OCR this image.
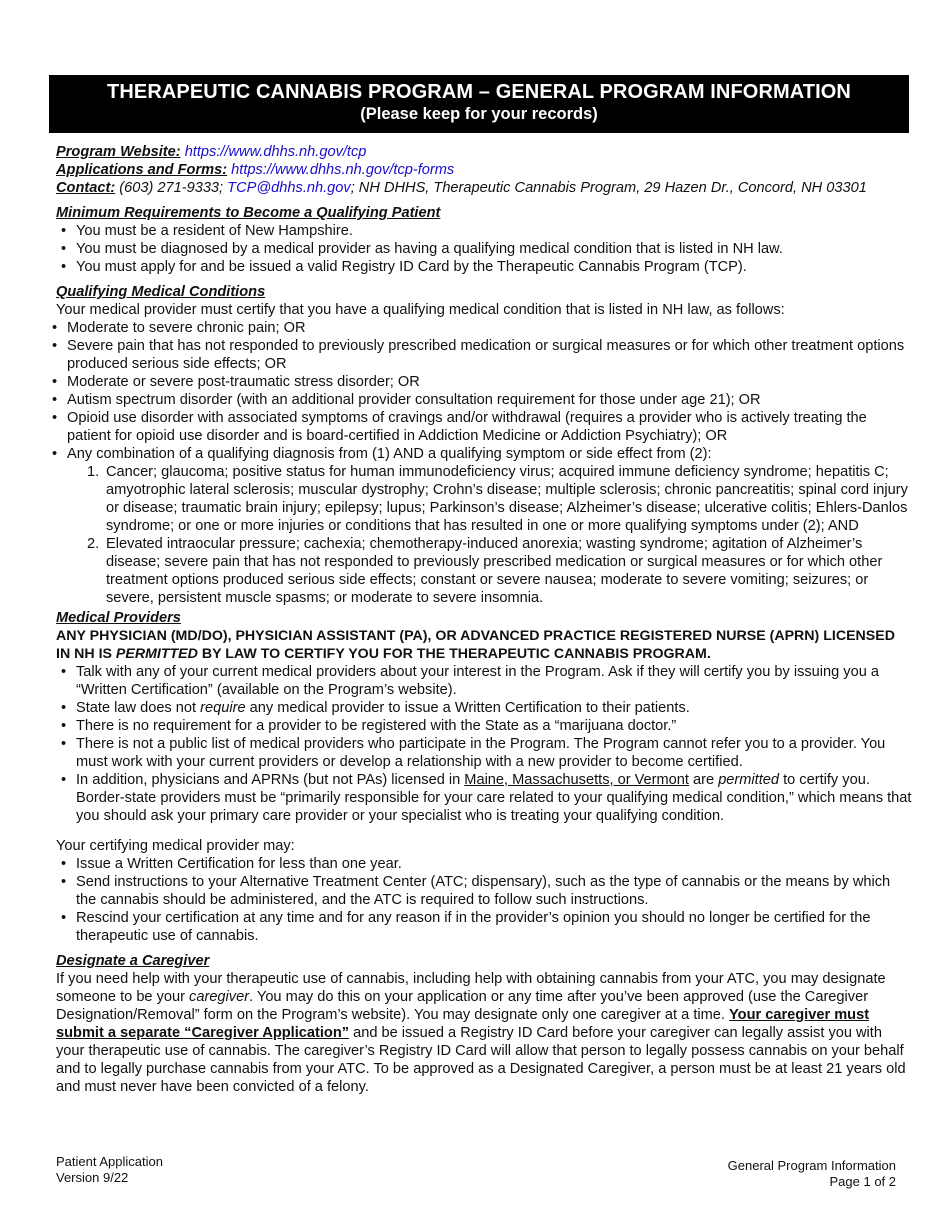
THERAPEUTIC CANNABIS PROGRAM – GENERAL PROGRAM INFORMATION
(Please keep for your records)
Program Website: https://www.dhhs.nh.gov/tcp
Applications and Forms: https://www.dhhs.nh.gov/tcp-forms
Contact: (603) 271-9333; TCP@dhhs.nh.gov; NH DHHS, Therapeutic Cannabis Program, 29 Hazen Dr., Concord, NH 03301
Minimum Requirements to Become a Qualifying Patient
• You must be a resident of New Hampshire.
• You must be diagnosed by a medical provider as having a qualifying medical condition that is listed in NH law.
• You must apply for and be issued a valid Registry ID Card by the Therapeutic Cannabis Program (TCP).
Qualifying Medical Conditions
Your medical provider must certify that you have a qualifying medical condition that is listed in NH law, as follows:
• Moderate to severe chronic pain; OR
• Severe pain that has not responded to previously prescribed medication or surgical measures or for which other treatment options produced serious side effects; OR
• Moderate or severe post-traumatic stress disorder; OR
• Autism spectrum disorder (with an additional provider consultation requirement for those under age 21); OR
• Opioid use disorder with associated symptoms of cravings and/or withdrawal (requires a provider who is actively treating the patient for opioid use disorder and is board-certified in Addiction Medicine or Addiction Psychiatry); OR
• Any combination of a qualifying diagnosis from (1) AND a qualifying symptom or side effect from (2):
1. Cancer; glaucoma; positive status for human immunodeficiency virus; acquired immune deficiency syndrome; hepatitis C; amyotrophic lateral sclerosis; muscular dystrophy; Crohn’s disease; multiple sclerosis; chronic pancreatitis; spinal cord injury or disease; traumatic brain injury; epilepsy; lupus; Parkinson’s disease; Alzheimer’s disease; ulcerative colitis; Ehlers-Danlos syndrome; or one or more injuries or conditions that has resulted in one or more qualifying symptoms under (2); AND
2. Elevated intraocular pressure; cachexia; chemotherapy-induced anorexia; wasting syndrome; agitation of Alzheimer’s disease; severe pain that has not responded to previously prescribed medication or surgical measures or for which other treatment options produced serious side effects; constant or severe nausea; moderate to severe vomiting; seizures; or severe, persistent muscle spasms; or moderate to severe insomnia.
Medical Providers
ANY PHYSICIAN (MD/DO), PHYSICIAN ASSISTANT (PA), OR ADVANCED PRACTICE REGISTERED NURSE (APRN) LICENSED IN NH IS PERMITTED BY LAW TO CERTIFY YOU FOR THE THERAPEUTIC CANNABIS PROGRAM.
• Talk with any of your current medical providers about your interest in the Program. Ask if they will certify you by issuing you a “Written Certification” (available on the Program’s website).
• State law does not require any medical provider to issue a Written Certification to their patients.
• There is no requirement for a provider to be registered with the State as a “marijuana doctor.”
• There is not a public list of medical providers who participate in the Program. The Program cannot refer you to a provider. You must work with your current providers or develop a relationship with a new provider to become certified.
• In addition, physicians and APRNs (but not PAs) licensed in Maine, Massachusetts, or Vermont are permitted to certify you. Border-state providers must be “primarily responsible for your care related to your qualifying medical condition,” which means that you should ask your primary care provider or your specialist who is treating your qualifying condition.
Your certifying medical provider may:
• Issue a Written Certification for less than one year.
• Send instructions to your Alternative Treatment Center (ATC; dispensary), such as the type of cannabis or the means by which the cannabis should be administered, and the ATC is required to follow such instructions.
• Rescind your certification at any time and for any reason if in the provider’s opinion you should no longer be certified for the therapeutic use of cannabis.
Designate a Caregiver
If you need help with your therapeutic use of cannabis, including help with obtaining cannabis from your ATC, you may designate someone to be your caregiver. You may do this on your application or any time after you’ve been approved (use the Caregiver Designation/Removal” form on the Program’s website). You may designate only one caregiver at a time. Your caregiver must submit a separate “Caregiver Application” and be issued a Registry ID Card before your caregiver can legally assist you with your therapeutic use of cannabis. The caregiver’s Registry ID Card will allow that person to legally possess cannabis on your behalf and to legally purchase cannabis from your ATC. To be approved as a Designated Caregiver, a person must be at least 21 years old and must never have been convicted of a felony.
Patient Application
Version 9/22
General Program Information
Page 1 of 2
